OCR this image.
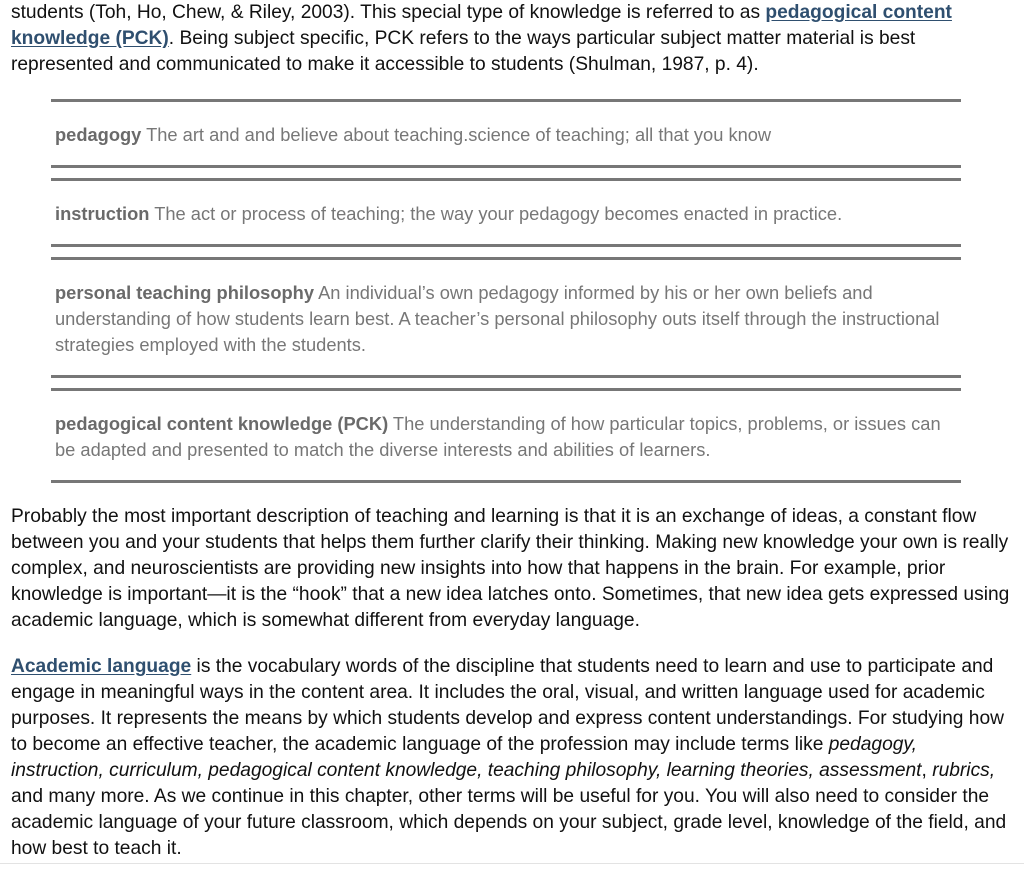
students (Toh, Ho, Chew, & Riley, 2003). This special type of knowledge is referred to as pedagogical content knowledge (PCK). Being subject specific, PCK refers to the ways particular subject matter material is best represented and communicated to make it accessible to students (Shulman, 1987, p. 4).

pedagogy The art and and believe about teaching.science of teaching; all that you know
instruction The act or process of teaching; the way your pedagogy becomes enacted in practice.
personal teaching philosophy An individual’s own pedagogy informed by his or her own beliefs and understanding of how students learn best. A teacher’s personal philosophy outs itself through the instructional strategies employed with the students.
pedagogical content knowledge (PCK) The understanding of how particular topics, problems, or issues can be adapted and presented to match the diverse interests and abilities of learners.

Probably the most important description of teaching and learning is that it is an exchange of ideas, a constant flow between you and your students that helps them further clarify their thinking. Making new knowledge your own is really complex, and neuroscientists are providing new insights into how that happens in the brain. For example, prior knowledge is important—it is the “hook” that a new idea latches onto. Sometimes, that new idea gets expressed using academic language, which is somewhat different from everyday language.

Academic language is the vocabulary words of the discipline that students need to learn and use to participate and engage in meaningful ways in the content area. It includes the oral, visual, and written language used for academic purposes. It represents the means by which students develop and express content understandings. For studying how to become an effective teacher, the academic language of the profession may include terms like pedagogy, instruction, curriculum, pedagogical content knowledge, teaching philosophy, learning theories, assessment, rubrics, and many more. As we continue in this chapter, other terms will be useful for you. You will also need to consider the academic language of your future classroom, which depends on your subject, grade level, knowledge of the field, and how best to teach it.
